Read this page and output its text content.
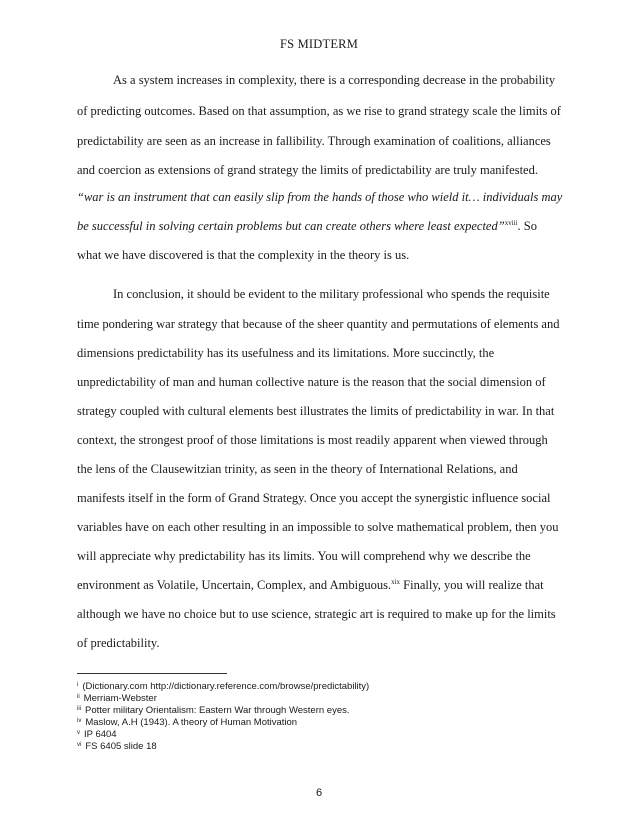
FS MIDTERM
As a system increases in complexity, there is a corresponding decrease in the probability
of predicting outcomes. Based on that assumption, as we rise to grand strategy scale the limits of
predictability are seen as an increase in fallibility. Through examination of coalitions, alliances
and coercion as extensions of grand strategy the limits of predictability are truly manifested.
“war is an instrument that can easily slip from the hands of those who wield it… individuals may
be successful in solving certain problems but can create others where least expected”$^{xviii}$. So
what we have discovered is that the complexity in the theory is us.
In conclusion, it should be evident to the military professional who spends the requisite
time pondering war strategy that because of the sheer quantity and permutations of elements and
dimensions predictability has its usefulness and its limitations. More succinctly, the
unpredictability of man and human collective nature is the reason that the social dimension of
strategy coupled with cultural elements best illustrates the limits of predictability in war. In that
context, the strongest proof of those limitations is most readily apparent when viewed through
the lens of the Clausewitzian trinity, as seen in the theory of International Relations, and
manifests itself in the form of Grand Strategy. Once you accept the synergistic influence social
variables have on each other resulting in an impossible to solve mathematical problem, then you
will appreciate why predictability has its limits. You will comprehend why we describe the
environment as Volatile, Uncertain, Complex, and Ambiguous.$^{xix}$ Finally, you will realize that
although we have no choice but to use science, strategic art is required to make up for the limits
of predictability.
$^i$ (Dictionary.com http://dictionary.reference.com/browse/predictability)
$^{ii}$ Merriam-Webster
$^{iii}$ Potter military Orientalism: Eastern War through Western eyes.
$^{iv}$ Maslow, A.H (1943). A theory of Human Motivation
$^v$ IP 6404
$^{vi}$ FS 6405 slide 18
6
